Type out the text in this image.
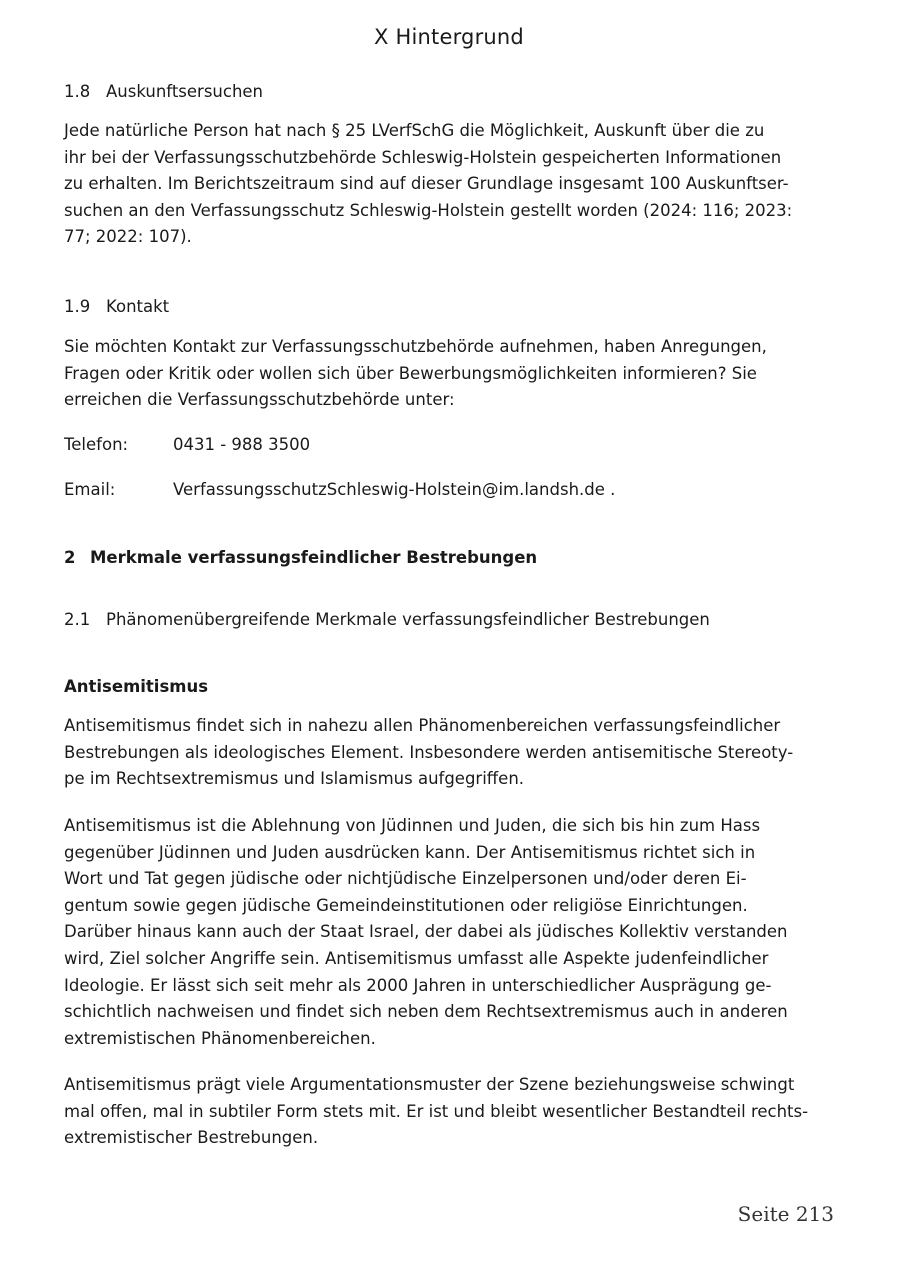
X Hintergrund
1.8 Auskunftsersuchen

Jede natürliche Person hat nach § 25 LVerfSchG die Möglichkeit, Auskunft über die zu
ihr bei der Verfassungsschutzbehörde Schleswig-Holstein gespeicherten Informationen
zu erhalten. Im Berichtszeitraum sind auf dieser Grundlage insgesamt 100 Auskunftser-
suchen an den Verfassungsschutz Schleswig-Holstein gestellt worden (2024: 116; 2023:
77; 2022: 107).

1.9 Kontakt

Sie möchten Kontakt zur Verfassungsschutzbehörde aufnehmen, haben Anregungen,
Fragen oder Kritik oder wollen sich über Bewerbungsmöglichkeiten informieren? Sie
erreichen die Verfassungsschutzbehörde unter:

Telefon:	0431 - 988 3500
Email:	VerfassungsschutzSchleswig-Holstein@im.landsh.de .
2 Merkmale verfassungsfeindlicher Bestrebungen
2.1 Phänomenübergreifende Merkmale verfassungsfeindlicher Bestrebungen
Antisemitismus

Antisemitismus findet sich in nahezu allen Phänomenbereichen verfassungsfeindlicher
Bestrebungen als ideologisches Element. Insbesondere werden antisemitische Stereoty-
pe im Rechtsextremismus und Islamismus aufgegriffen.

Antisemitismus ist die Ablehnung von Jüdinnen und Juden, die sich bis hin zum Hass
gegenüber Jüdinnen und Juden ausdrücken kann. Der Antisemitismus richtet sich in
Wort und Tat gegen jüdische oder nichtjüdische Einzelpersonen und/oder deren Ei-
gentum sowie gegen jüdische Gemeindeinstitutionen oder religiöse Einrichtungen.
Darüber hinaus kann auch der Staat Israel, der dabei als jüdisches Kollektiv verstanden
wird, Ziel solcher Angriffe sein. Antisemitismus umfasst alle Aspekte judenfeindlicher
Ideologie. Er lässt sich seit mehr als 2000 Jahren in unterschiedlicher Ausprägung ge-
schichtlich nachweisen und findet sich neben dem Rechtsextremismus auch in anderen
extremistischen Phänomenbereichen.

Antisemitismus prägt viele Argumentationsmuster der Szene beziehungsweise schwingt
mal offen, mal in subtiler Form stets mit. Er ist und bleibt wesentlicher Bestandteil rechts-
extremistischer Bestrebungen.

Seite 213
